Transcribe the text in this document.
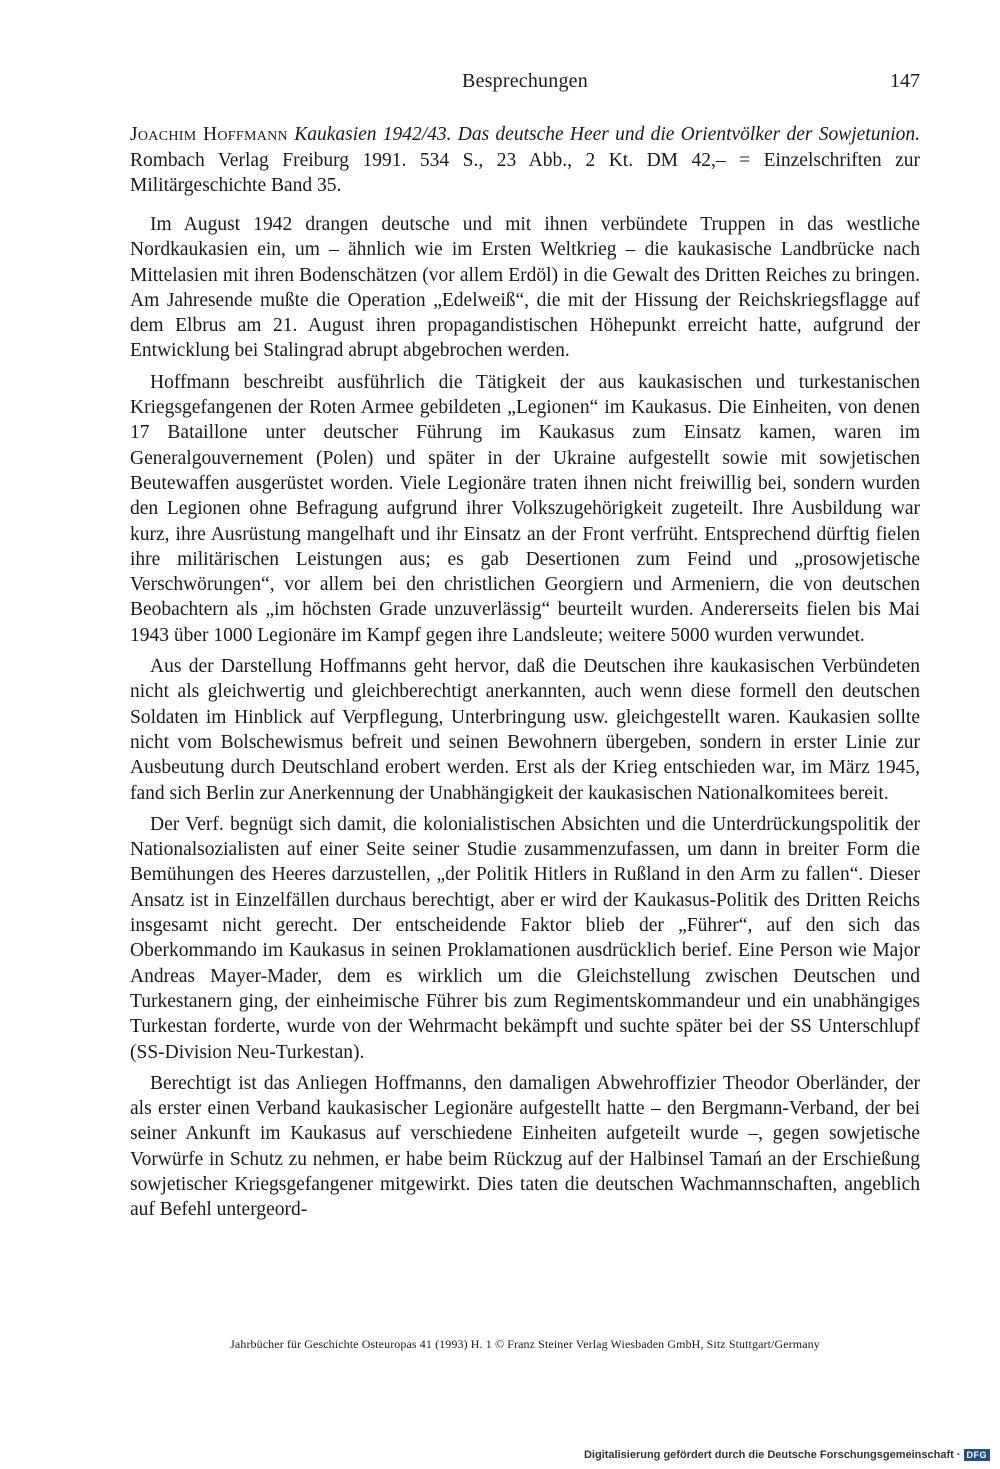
Besprechungen	147
Joachim Hoffmann Kaukasien 1942/43. Das deutsche Heer und die Orientvölker der Sowjetunion. Rombach Verlag Freiburg 1991. 534 S., 23 Abb., 2 Kt. DM 42,– = Einzelschriften zur Militärgeschichte Band 35.

Im August 1942 drangen deutsche und mit ihnen verbündete Truppen in das westliche Nordkaukasien ein, um – ähnlich wie im Ersten Weltkrieg – die kaukasische Landbrücke nach Mittelasien mit ihren Bodenschätzen (vor allem Erdöl) in die Gewalt des Dritten Reiches zu bringen. Am Jahresende mußte die Operation „Edelweiß“, die mit der Hissung der Reichskriegsflagge auf dem Elbrus am 21. August ihren propagandistischen Höhepunkt erreicht hatte, aufgrund der Entwicklung bei Stalingrad abrupt abgebrochen werden.

Hoffmann beschreibt ausführlich die Tätigkeit der aus kaukasischen und turkestanischen Kriegsgefangenen der Roten Armee gebildeten „Legionen“ im Kaukasus. Die Einheiten, von denen 17 Bataillone unter deutscher Führung im Kaukasus zum Einsatz kamen, waren im Generalgouvernement (Polen) und später in der Ukraine aufgestellt sowie mit sowjetischen Beutewaffen ausgerüstet worden. Viele Legionäre traten ihnen nicht freiwillig bei, sondern wurden den Legionen ohne Befragung aufgrund ihrer Volkszugehörigkeit zugeteilt. Ihre Ausbildung war kurz, ihre Ausrüstung mangelhaft und ihr Einsatz an der Front verfrüht. Entsprechend dürftig fielen ihre militärischen Leistungen aus; es gab Desertionen zum Feind und „prosowjetische Verschwörungen“, vor allem bei den christlichen Georgiern und Armeniern, die von deutschen Beobachtern als „im höchsten Grade unzuverlässig“ beurteilt wurden. Andererseits fielen bis Mai 1943 über 1000 Legionäre im Kampf gegen ihre Landsleute; weitere 5000 wurden verwundet.

Aus der Darstellung Hoffmanns geht hervor, daß die Deutschen ihre kaukasischen Verbündeten nicht als gleichwertig und gleichberechtigt anerkannten, auch wenn diese formell den deutschen Soldaten im Hinblick auf Verpflegung, Unterbringung usw. gleichgestellt waren. Kaukasien sollte nicht vom Bolschewismus befreit und seinen Bewohnern übergeben, sondern in erster Linie zur Ausbeutung durch Deutschland erobert werden. Erst als der Krieg entschieden war, im März 1945, fand sich Berlin zur Anerkennung der Unabhängigkeit der kaukasischen Nationalkomitees bereit.

Der Verf. begnügt sich damit, die kolonialistischen Absichten und die Unterdrückungspolitik der Nationalsozialisten auf einer Seite seiner Studie zusammenzufassen, um dann in breiter Form die Bemühungen des Heeres darzustellen, „der Politik Hitlers in Rußland in den Arm zu fallen“. Dieser Ansatz ist in Einzelfällen durchaus berechtigt, aber er wird der Kaukasus-Politik des Dritten Reichs insgesamt nicht gerecht. Der entscheidende Faktor blieb der „Führer“, auf den sich das Oberkommando im Kaukasus in seinen Proklamationen ausdrücklich berief. Eine Person wie Major Andreas Mayer-Mader, dem es wirklich um die Gleichstellung zwischen Deutschen und Turkestanern ging, der einheimische Führer bis zum Regimentskommandeur und ein unabhängiges Turkestan forderte, wurde von der Wehrmacht bekämpft und suchte später bei der SS Unterschlupf (SS-Division Neu-Turkestan).

Berechtigt ist das Anliegen Hoffmanns, den damaligen Abwehroffizier Theodor Oberländer, der als erster einen Verband kaukasischer Legionäre aufgestellt hatte – den Bergmann-Verband, der bei seiner Ankunft im Kaukasus auf verschiedene Einheiten aufgeteilt wurde –, gegen sowjetische Vorwürfe in Schutz zu nehmen, er habe beim Rückzug auf der Halbinsel Tamań an der Erschießung sowjetischer Kriegsgefangener mitgewirkt. Dies taten die deutschen Wachmannschaften, angeblich auf Befehl untergeord-

Jahrbücher für Geschichte Osteuropas 41 (1993) H. 1 © Franz Steiner Verlag Wiesbaden GmbH, Sitz Stuttgart/Germany
Digitalisierung gefördert durch die Deutsche Forschungsgemeinschaft · DFG
